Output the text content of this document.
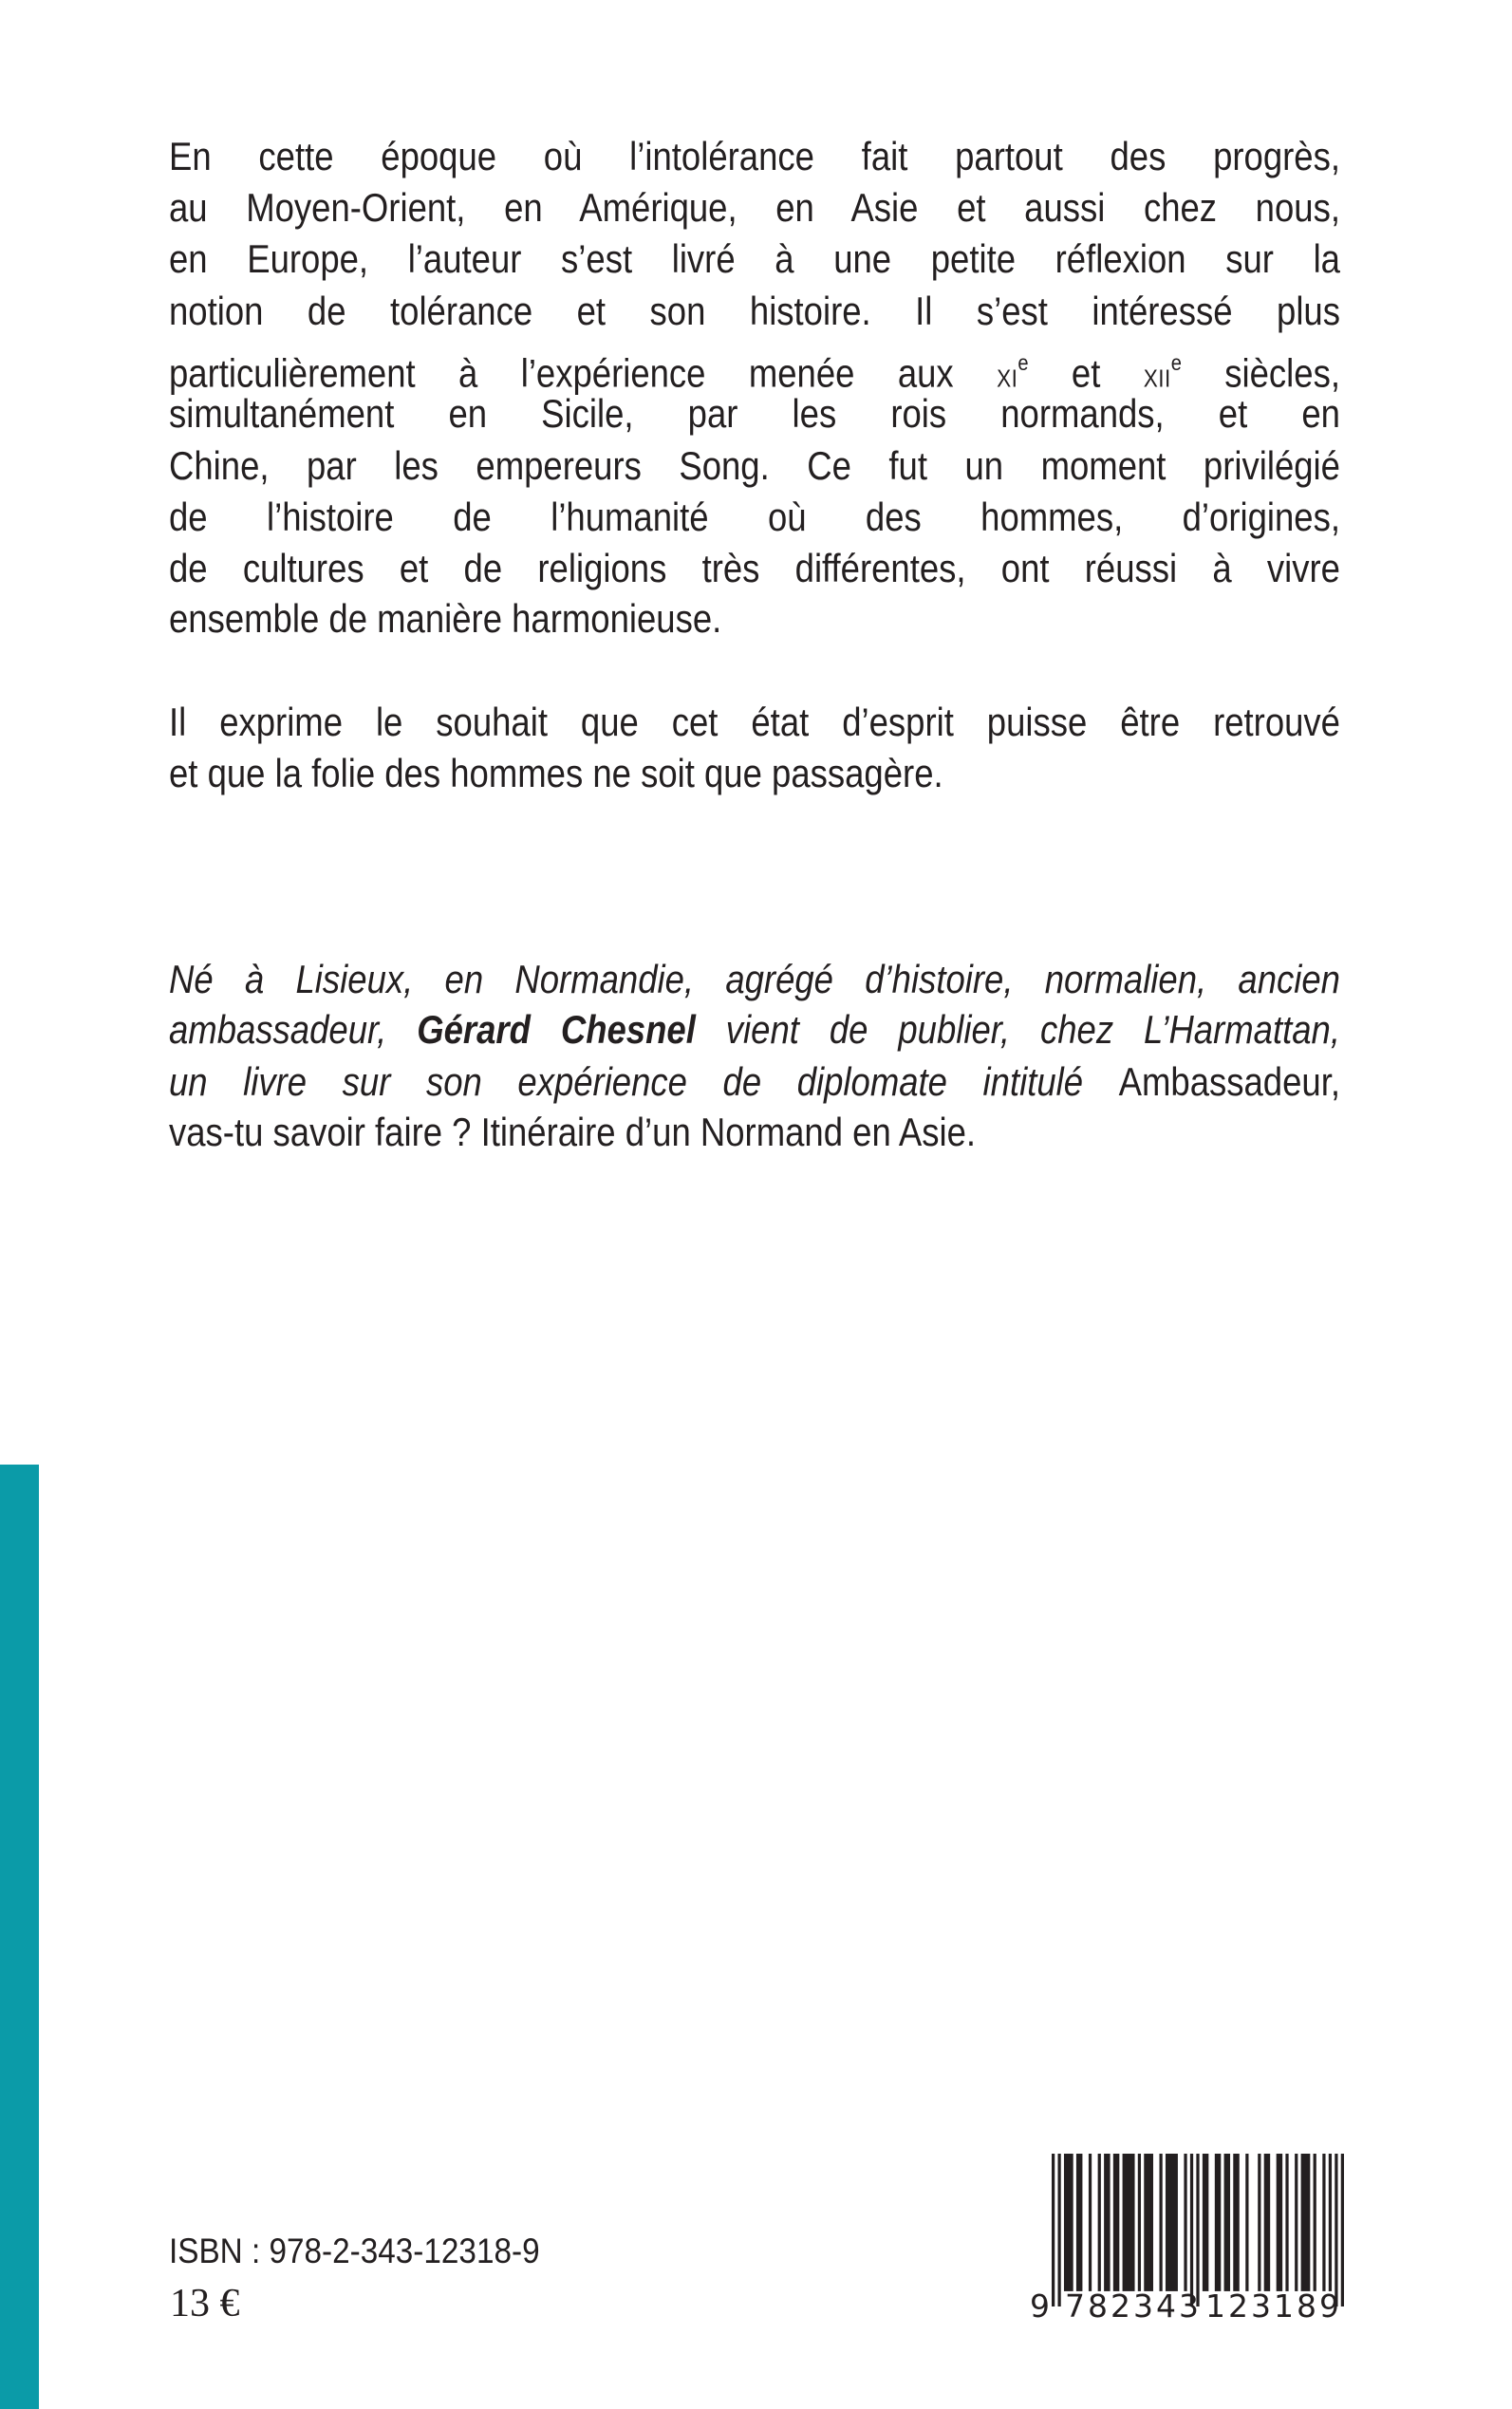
En cette époque où l’intolérance fait partout des progrès,
au Moyen-Orient, en Amérique, en Asie et aussi chez nous,
en Europe, l’auteur s’est livré à une petite réflexion sur la
notion de tolérance et son histoire. Il s’est intéressé plus
particulièrement à l’expérience menée aux XIe et XIIe siècles,
simultanément en Sicile, par les rois normands, et en
Chine, par les empereurs Song. Ce fut un moment privilégié
de l’histoire de l’humanité où des hommes, d’origines,
de cultures et de religions très différentes, ont réussi à vivre
ensemble de manière harmonieuse.
Il exprime le souhait que cet état d’esprit puisse être retrouvé
et que la folie des hommes ne soit que passagère.
Né à Lisieux, en Normandie, agrégé d’histoire, normalien, ancien
ambassadeur, Gérard Chesnel vient de publier, chez L’Harmattan,
un livre sur son expérience de diplomate intitulé Ambassadeur,
vas-tu savoir faire ? Itinéraire d’un Normand en Asie.
ISBN : 978-2-343-12318-9
13 €	9 782343 123189
